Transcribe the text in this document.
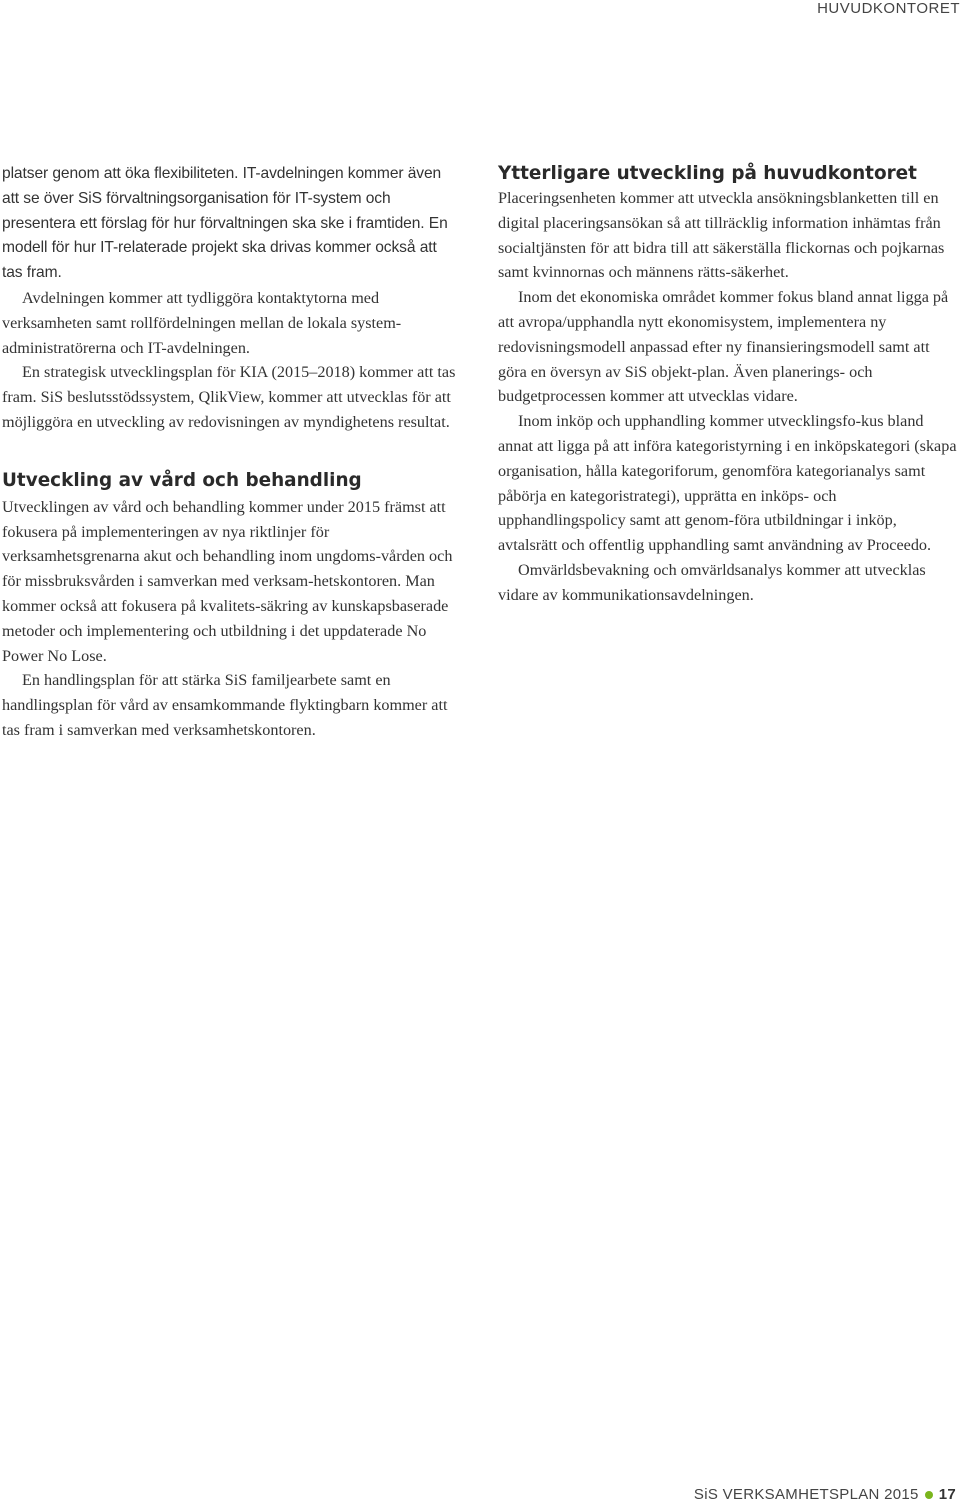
HUVUDKONTORET

platser genom att öka flexibiliteten. IT-avdelningen kommer även att se över SiS förvaltningsorganisation för IT-system och presentera ett förslag för hur förvaltningen ska ske i framtiden. En modell för hur IT-relaterade projekt ska drivas kommer också att tas fram.

Avdelningen kommer att tydliggöra kontaktytorna med verksamheten samt rollfördelningen mellan de lokala system-administratörerna och IT-avdelningen.

En strategisk utvecklingsplan för KIA (2015–2018) kommer att tas fram. SiS beslutsstödssystem, QlikView, kommer att utvecklas för att möjliggöra en utveckling av redovisningen av myndighetens resultat.

Utveckling av vård och behandling

Utvecklingen av vård och behandling kommer under 2015 främst att fokusera på implementeringen av nya riktlinjer för verksamhetsgrenarna akut och behandling inom ungdoms-vården och för missbruksvården i samverkan med verksam-hetskontoren. Man kommer också att fokusera på kvalitets-säkring av kunskapsbaserade metoder och implementering och utbildning i det uppdaterade No Power No Lose.

En handlingsplan för att stärka SiS familjearbete samt en handlingsplan för vård av ensamkommande flyktingbarn kommer att tas fram i samverkan med verksamhetskontoren.

Ytterligare utveckling på huvudkontoret

Placeringsenheten kommer att utveckla ansökningsblanketten till en digital placeringsansökan så att tillräcklig information inhämtas från socialtjänsten för att bidra till att säkerställa flickornas och pojkarnas samt kvinnornas och männens rätts-säkerhet.

Inom det ekonomiska området kommer fokus bland annat ligga på att avropa/upphandla nytt ekonomisystem, implementera ny redovisningsmodell anpassad efter ny finansieringsmodell samt att göra en översyn av SiS objekt-plan. Även planerings- och budgetprocessen kommer att utvecklas vidare.

Inom inköp och upphandling kommer utvecklingsfo-kus bland annat att ligga på att införa kategoristyrning i en inköpskategori (skapa organisation, hålla kategoriforum, genomföra kategorianalys samt påbörja en kategoristrategi), upprätta en inköps- och upphandlingspolicy samt att genom-föra utbildningar i inköp, avtalsrätt och offentlig upphandling samt användning av Proceedo.

Omvärldsbevakning och omvärldsanalys kommer att utvecklas vidare av kommunikationsavdelningen.

SiS VERKSAMHETSPLAN 2015 17
